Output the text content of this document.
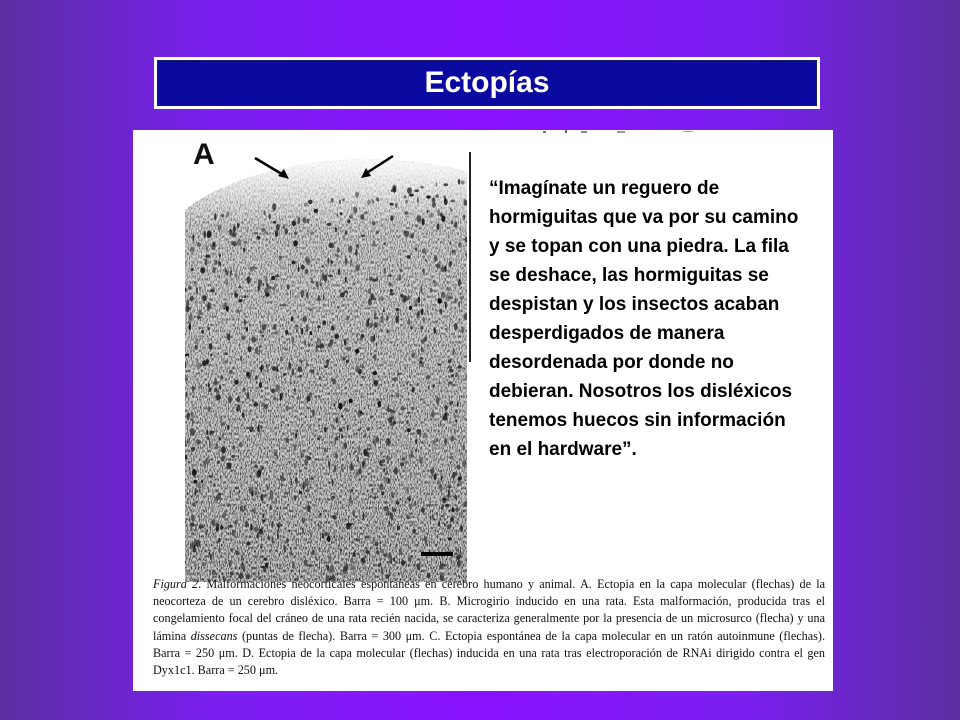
Ectopías
A

“Imagínate un reguero de hormiguitas que va por su camino y se topan con una piedra. La fila se deshace, las hormiguitas se despistan y los insectos acaban desperdigados de manera desordenada por donde no debieran. Nosotros los disléxicos tenemos huecos sin información en el hardware”.

Figura 2. Malformaciones neocorticales espontáneas en cerebro humano y animal. A. Ectopia en la capa molecular (flechas) de la neocorteza de un cerebro disléxico. Barra = 100 μm. B. Microgirio inducido en una rata. Esta malformación, producida tras el congelamiento focal del cráneo de una rata recién nacida, se caracteriza generalmente por la presencia de un microsurco (flecha) y una lámina dissecans (puntas de flecha). Barra = 300 μm. C. Ectopia espontánea de la capa molecular en un ratón autoinmune (flechas). Barra = 250 μm. D. Ectopia de la capa molecular (flechas) inducida en una rata tras electroporación de RNAi dirigido contra el gen Dyx1c1. Barra = 250 μm.
